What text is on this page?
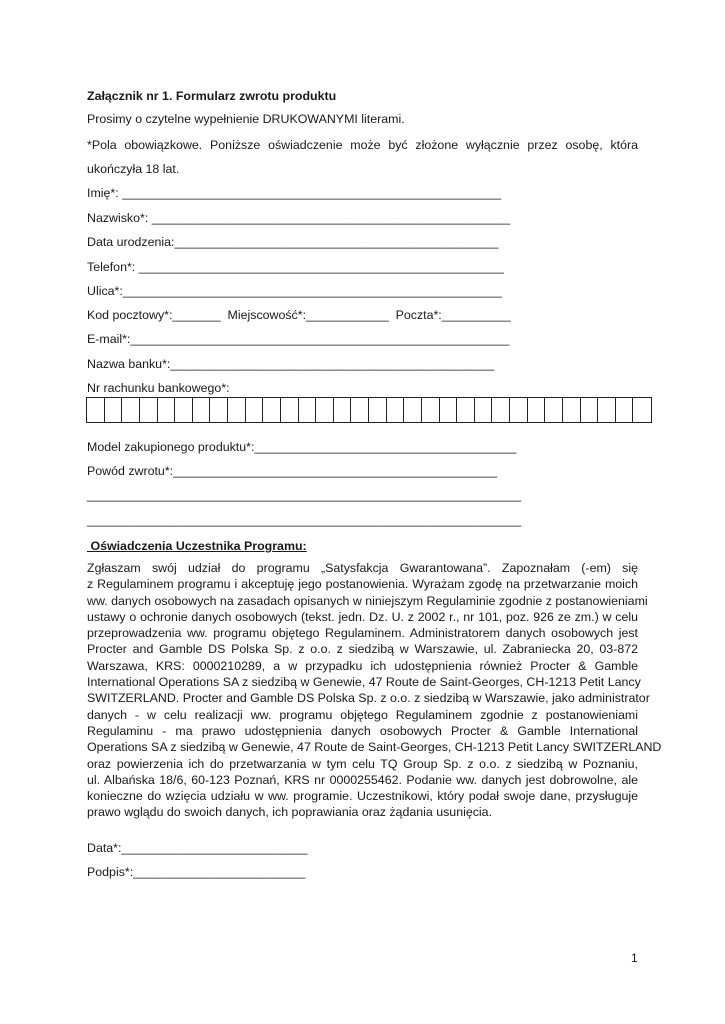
Załącznik nr 1. Formularz zwrotu produktu
Prosimy o czytelne wypełnienie DRUKOWANYMI literami.
*Pola obowiązkowe. Poniższe oświadczenie może być złożone wyłącznie przez osobę, która
ukończyła 18 lat.
Imię*: _______________________________________________________
Nazwisko*: ____________________________________________________
Data urodzenia:_______________________________________________
Telefon*: _____________________________________________________
Ulica*:_______________________________________________________
Kod pocztowy*:_______  Miejscowość*:____________  Poczta*:__________
E-mail*:_______________________________________________________
Nazwa banku*:_______________________________________________
Nr rachunku bankowego*:
Model zakupionego produktu*:______________________________________
Powód zwrotu*:_______________________________________________
_______________________________________________________________
_______________________________________________________________
Oświadczenia Uczestnika Programu:
Zgłaszam swój udział do programu „Satysfakcja Gwarantowana”. Zapoznałam (-em) się
z Regulaminem programu i akceptuję jego postanowienia. Wyrażam zgodę na przetwarzanie moich
ww. danych osobowych na zasadach opisanych w niniejszym Regulaminie zgodnie z postanowieniami
ustawy o ochronie danych osobowych (tekst. jedn. Dz. U. z 2002 r., nr 101, poz. 926 ze zm.) w celu
przeprowadzenia ww. programu objętego Regulaminem. Administratorem danych osobowych jest
Procter and Gamble DS Polska Sp. z o.o. z siedzibą w Warszawie, ul. Zabraniecka 20, 03-872
Warszawa, KRS: 0000210289, a w przypadku ich udostępnienia również Procter & Gamble
International Operations SA z siedzibą w Genewie, 47 Route de Saint-Georges, CH-1213 Petit Lancy
SWITZERLAND. Procter and Gamble DS Polska Sp. z o.o. z siedzibą w Warszawie, jako administrator
danych - w celu realizacji ww. programu objętego Regulaminem zgodnie z postanowieniami
Regulaminu - ma prawo udostępnienia danych osobowych Procter & Gamble International
Operations SA z siedzibą w Genewie, 47 Route de Saint-Georges, CH-1213 Petit Lancy SWITZERLAND
oraz powierzenia ich do przetwarzania w tym celu TQ Group Sp. z o.o. z siedzibą w Poznaniu,
ul. Albańska 18/6, 60-123 Poznań, KRS nr 0000255462. Podanie ww. danych jest dobrowolne, ale
konieczne do wzięcia udziału w ww. programie. Uczestnikowi, który podał swoje dane, przysługuje
prawo wglądu do swoich danych, ich poprawiania oraz żądania usunięcia.
Data*:___________________________
Podpis*:_________________________
1
